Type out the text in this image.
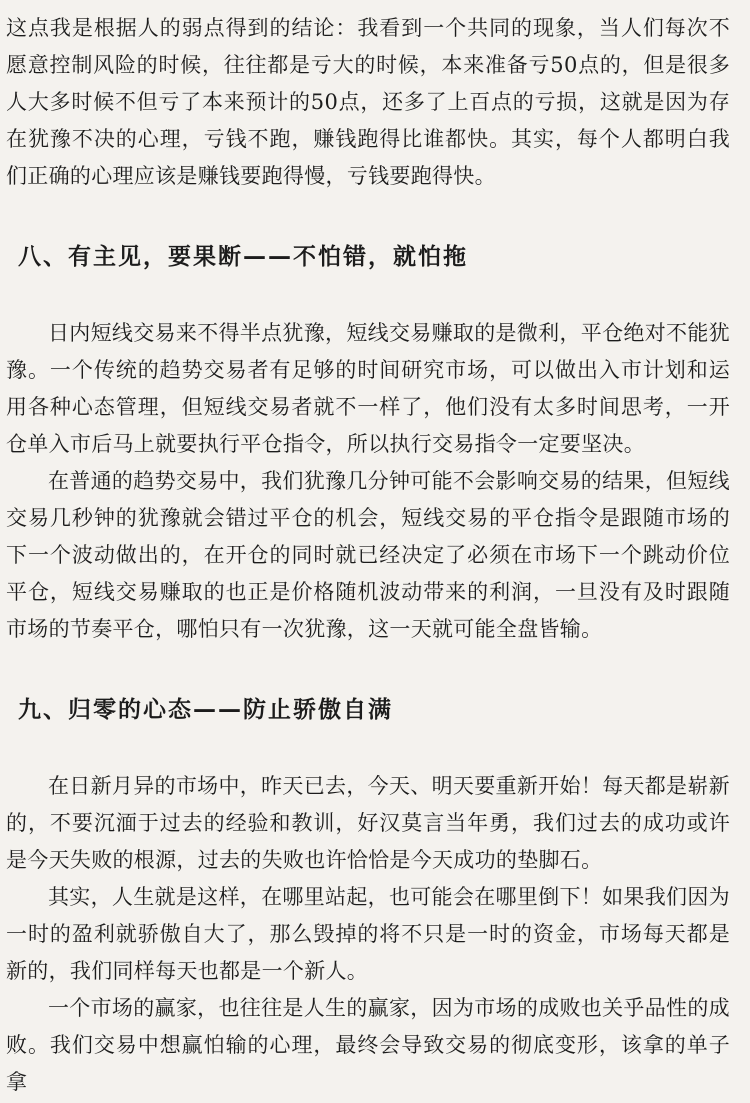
这点我是根据人的弱点得到的结论：我看到一个共同的现象，当人们每次不愿意控制风险的时候，往往都是亏大的时候，本来准备亏50点的，但是很多人大多时候不但亏了本来预计的50点，还多了上百点的亏损，这就是因为存在犹豫不决的心理，亏钱不跑，赚钱跑得比谁都快。其实，每个人都明白我们正确的心理应该是赚钱要跑得慢，亏钱要跑得快。

八、有主见，要果断——不怕错，就怕拖

日内短线交易来不得半点犹豫，短线交易赚取的是微利，平仓绝对不能犹豫。一个传统的趋势交易者有足够的时间研究市场，可以做出入市计划和运用各种心态管理，但短线交易者就不一样了，他们没有太多时间思考，一开仓单入市后马上就要执行平仓指令，所以执行交易指令一定要坚决。

在普通的趋势交易中，我们犹豫几分钟可能不会影响交易的结果，但短线交易几秒钟的犹豫就会错过平仓的机会，短线交易的平仓指令是跟随市场的下一个波动做出的，在开仓的同时就已经决定了必须在市场下一个跳动价位平仓，短线交易赚取的也正是价格随机波动带来的利润，一旦没有及时跟随市场的节奏平仓，哪怕只有一次犹豫，这一天就可能全盘皆输。

九、归零的心态——防止骄傲自满

在日新月异的市场中，昨天已去，今天、明天要重新开始！每天都是崭新的，不要沉湎于过去的经验和教训，好汉莫言当年勇，我们过去的成功或许是今天失败的根源，过去的失败也许恰恰是今天成功的垫脚石。

其实，人生就是这样，在哪里站起，也可能会在哪里倒下！如果我们因为一时的盈利就骄傲自大了，那么毁掉的将不只是一时的资金，市场每天都是新的，我们同样每天也都是一个新人。

一个市场的赢家，也往往是人生的赢家，因为市场的成败也关乎品性的成败。我们交易中想赢怕输的心理，最终会导致交易的彻底变形，该拿的单子拿
